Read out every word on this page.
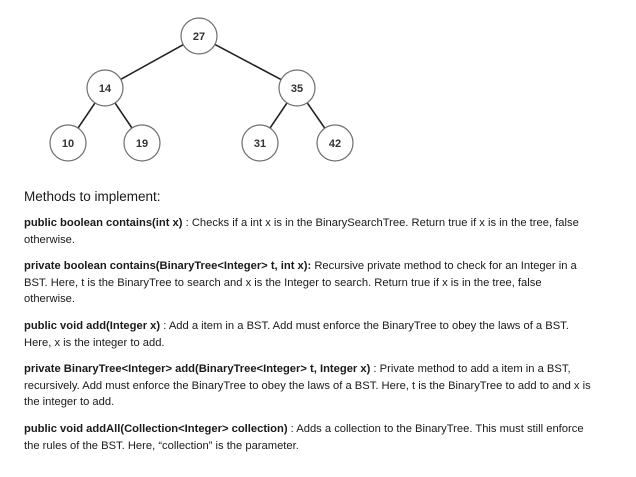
27
14	35
10	19	31	42

Methods to implement:

public boolean contains(int x) : Checks if a int x is in the BinarySearchTree. Return true if x is in the tree, false otherwise.

private boolean contains(BinaryTree<Integer> t, int x): Recursive private method to check for an Integer in a BST. Here, t is the BinaryTree to search and x is the Integer to search. Return true if x is in the tree, false otherwise.

public void add(Integer x) : Add a item in a BST. Add must enforce the BinaryTree to obey the laws of a BST. Here, x is the integer to add.

private BinaryTree<Integer> add(BinaryTree<Integer> t, Integer x) : Private method to add a item in a BST, recursively. Add must enforce the BinaryTree to obey the laws of a BST. Here, t is the BinaryTree to add to and x is the integer to add.

public void addAll(Collection<Integer> collection) : Adds a collection to the BinaryTree. This must still enforce the rules of the BST. Here, “collection” is the parameter.
